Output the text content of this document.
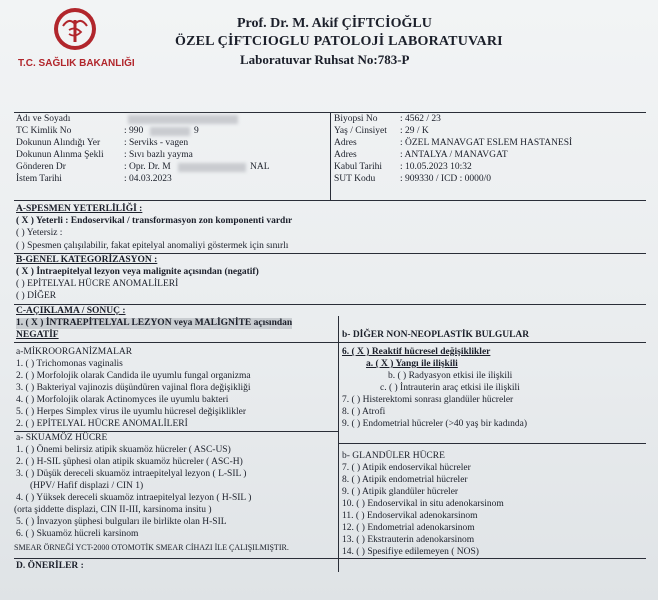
T.C. SAĞLIK BAKANLIĞI
Prof. Dr. M. Akif ÇİFTCİOĞLU
ÖZEL ÇİFTCIOGLU PATOLOJİ LABORATUVARI
Laboratuvar Ruhsat No:783-P
Adı ve Soyadı
TC Kimlik No	: 990	9
Dokunun Alındığı Yer	: Serviks - vagen
Dokunun Alınma Şekli : Sıvı bazlı yayma
Gönderen Dr	: Opr. Dr. M	NAL
İstem Tarihi	: 04.03.2023
Biyopsi No : 4562 / 23
Yaş / Cinsiyet : 29 / K
Adres	: ÖZEL MANAVGAT ESLEM HASTANESİ
Adres	: ANTALYA / MANAVGAT
Kabul Tarihi : 10.05.2023 10:32
SUT Kodu	: 909330 / ICD : 0000/0
A-SPESMEN YETERLİLİĞİ :
( X ) Yeterli : Endoservikal / transformasyon zon komponenti vardır
( ) Yetersiz :
( ) Spesmen çalışılabilir, fakat epitelyal anomaliyi göstermek için sınırlı
B-GENEL KATEGORİZASYON :
( X ) İntraepitelyal lezyon veya malignite açısından (negatif)
( ) EPİTELYAL HÜCRE ANOMALİLERİ
( ) DİĞER
C-AÇIKLAMA / SONUÇ :
1. ( X ) İNTRAEPİTELYAL LEZYON veya MALİGNİTE açısından
NEGATİF
a-MİKROORGANİZMALAR
1. ( ) Trichomonas vaginalis
2. ( ) Morfolojik olarak Candida ile uyumlu fungal organizma
3. ( ) Bakteriyal vajinozis düşündüren vajinal flora değişikliği
4. ( ) Morfolojik olarak Actinomyces ile uyumlu bakteri
5. ( ) Herpes Simplex virus ile uyumlu hücresel değişiklikler
2. ( ) EPİTELYAL HÜCRE ANOMALİLERİ
a- SKUAMÖZ HÜCRE
1. ( ) Önemi belirsiz atipik skuamöz hücreler ( ASC-US)
2. ( ) H-SIL şüphesi olan atipik skuamöz hücreler ( ASC-H)
3. ( ) Düşük dereceli skuamöz intraepitelyal lezyon ( L-SIL )
(HPV/ Hafif displazi / CIN 1)
4. ( ) Yüksek dereceli skuamöz intraepitelyal lezyon ( H-SIL )
(orta şiddette displazi, CIN II-III, karsinoma insitu )
5. ( ) İnvazyon şüphesi bulguları ile birlikte olan H-SIL
6. ( ) Skuamöz hücreli karsinom
SMEAR ÖRNEĞİ YCT-2000 OTOMOTİK SMEAR CİHAZI İLE ÇALIŞILMIŞTIR.
b- DİĞER NON-NEOPLASTİK BULGULAR
6. ( X ) Reaktif hücresel değişiklikler
a. ( X ) Yangı ile ilişkili
b. ( ) Radyasyon etkisi ile ilişkili
c. ( ) İntrauterin araç etkisi ile ilişkili
7. ( ) Histerektomi sonrası glandüler hücreler
8. ( ) Atrofi
9. ( ) Endometrial hücreler (>40 yaş bir kadında)
b- GLANDÜLER HÜCRE
7. ( ) Atipik endoservikal hücreler
8. ( ) Atipik endometrial hücreler
9. ( ) Atipik glandüler hücreler
10. ( ) Endoservikal in situ adenokarsinom
11. ( ) Endoservikal adenokarsinom
12. ( ) Endometrial adenokarsinom
13. ( ) Ekstrauterin adenokarsinom
14. ( ) Spesifiye edilemeyen ( NOS)
D. ÖNERİLER :
